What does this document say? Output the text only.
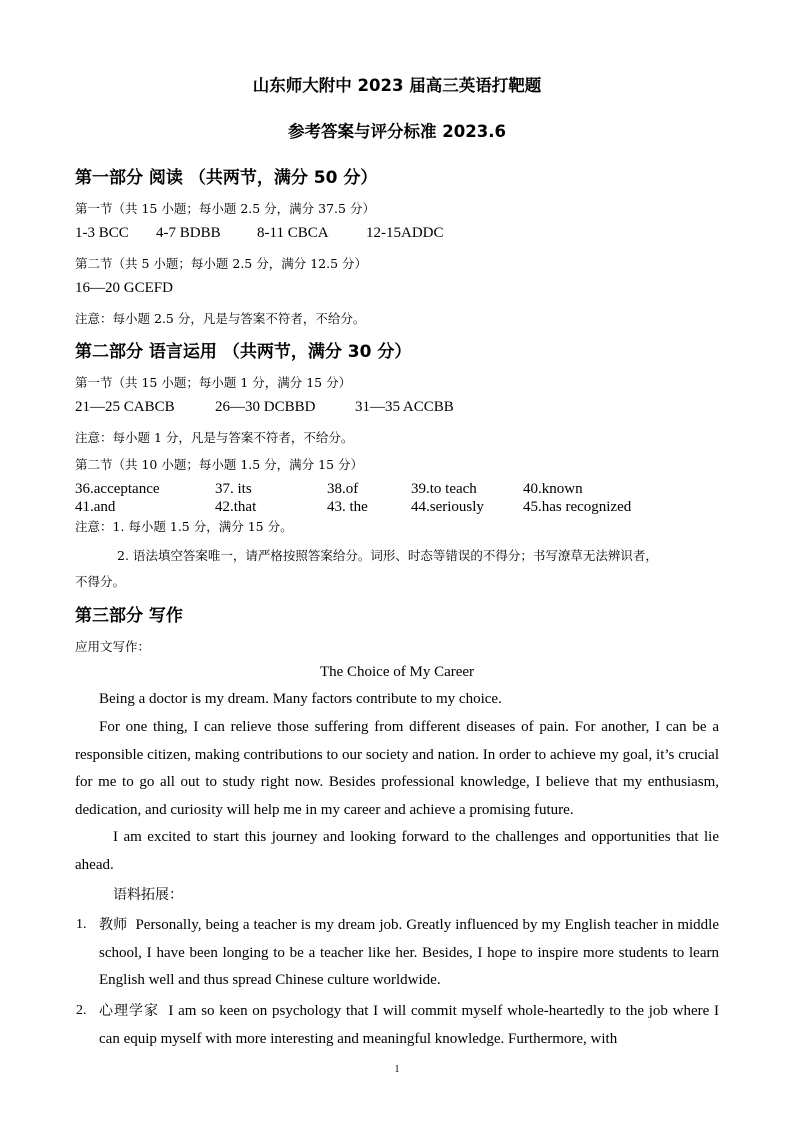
山东师大附中 2023 届高三英语打靶题
参考答案与评分标准 2023.6
第一部分 阅读 （共两节，满分 50 分）
第一节（共 15 小题；每小题 2.5 分，满分 37.5 分）
1-3 BCC 4-7 BDBB 8-11 CBCA 12-15ADDC
第二节（共 5 小题；每小题 2.5 分，满分 12.5 分）
16—20 GCEFD
注意：每小题 2.5 分，凡是与答案不符者，不给分。
第二部分 语言运用 （共两节，满分 30 分）
第一节（共 15 小题；每小题 1 分，满分 15 分）
21—25 CABCB	26—30 DCBBD	31—35 ACCBB
注意：每小题 1 分，凡是与答案不符者，不给分。
第二节（共 10 小题；每小题 1.5 分，满分 15 分）
36.acceptance	37. its	38.of	39.to teach	40.known
41.and	42.that	43. the	44.seriously	45.has recognized
注意：1. 每小题 1.5 分，满分 15 分。
2. 语法填空答案唯一，请严格按照答案给分。词形、时态等错误的不得分；书写潦草无法辨识者，
不得分。
第三部分 写作
应用文写作：
The Choice of My Career
Being a doctor is my dream. Many factors contribute to my choice.
For one thing, I can relieve those suffering from different diseases of pain. For another, I can be a responsible citizen, making contributions to our society and nation. In order to achieve my goal, it’s crucial for me to go all out to study right now. Besides professional knowledge, I believe that my enthusiasm, dedication, and curiosity will help me in my career and achieve a promising future.
I am excited to start this journey and looking forward to the challenges and opportunities that lie ahead.
语料拓展：
1. 教师 Personally, being a teacher is my dream job. Greatly influenced by my English teacher in middle school, I have been longing to be a teacher like her. Besides, I hope to inspire more students to learn English well and thus spread Chinese culture worldwide.
2. 心理学家 I am so keen on psychology that I will commit myself whole-heartedly to the job where I can equip myself with more interesting and meaningful knowledge. Furthermore, with
1
